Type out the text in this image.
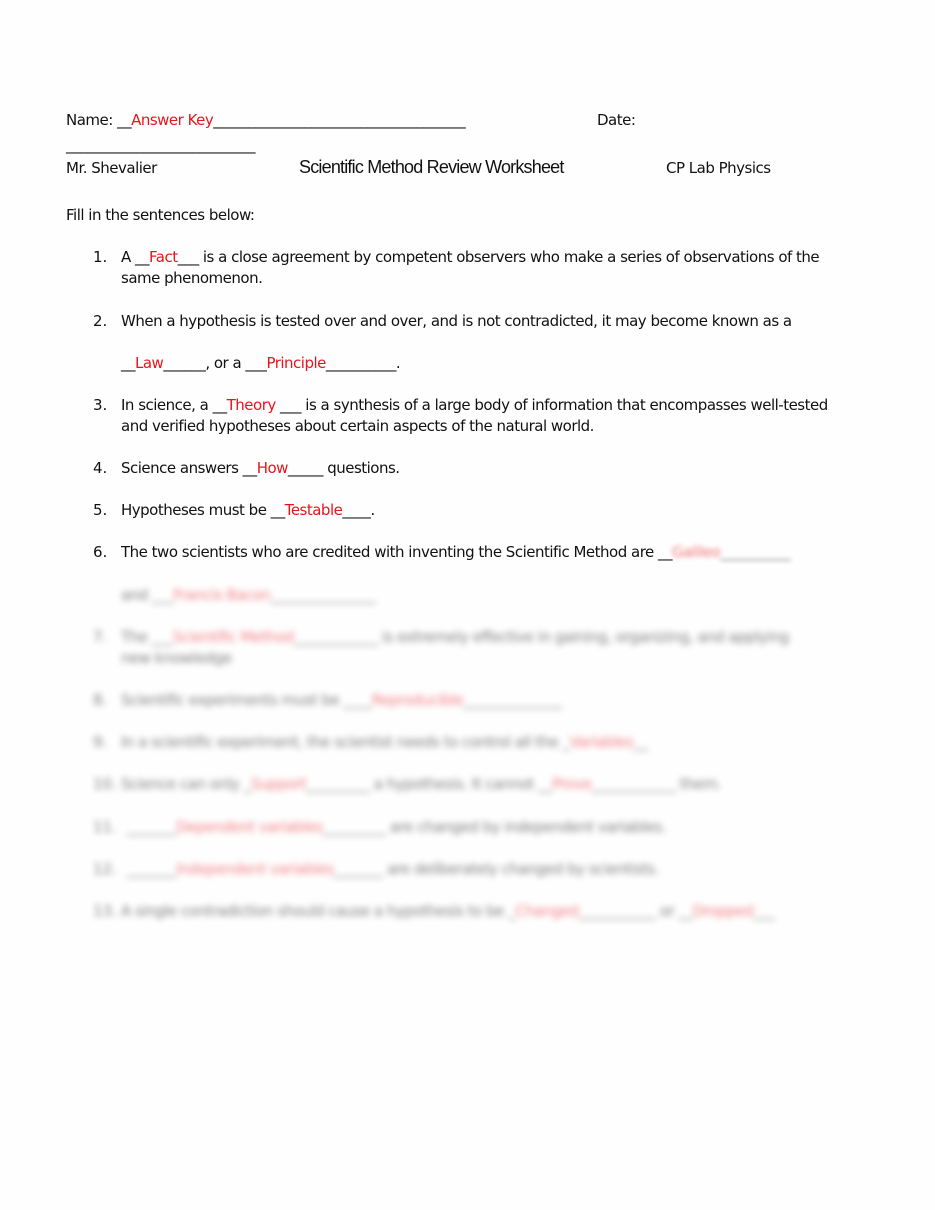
Name: __Answer Key____________________________________	Date:
___________________________
Mr. Shevalier	Scientific Method Review Worksheet	CP Lab Physics
Fill in the sentences below:
1. A __Fact___ is a close agreement by competent observers who make a series of observations of the
same phenomenon.
2. When a hypothesis is tested over and over, and is not contradicted, it may become known as a
__Law______, or a ___Principle__________.
3. In science, a __Theory ___ is a synthesis of a large body of information that encompasses well-tested
and verified hypotheses about certain aspects of the natural world.
4. Science answers __How_____ questions.
5. Hypotheses must be __Testable____.
6. The two scientists who are credited with inventing the Scientific Method are __Galileo__________
and ___Francis Bacon_______________
7. The ___Scientific Method____________ is extremely effective in gaining, organizing, and applying
new knowledge
8. Scientific experiments must be ____Reproducible______________
9. In a scientific experiment, the scientist needs to control all the _Variables__
10. Science can only _Support_________ a hypothesis. It cannot __Prove____________ them.
11. _______Dependent variables_________ are changed by independent variables.
12. _______Independent variables_______ are deliberately changed by scientists.
13. A single contradiction should cause a hypothesis to be _Changed___________ or __Dropped___
